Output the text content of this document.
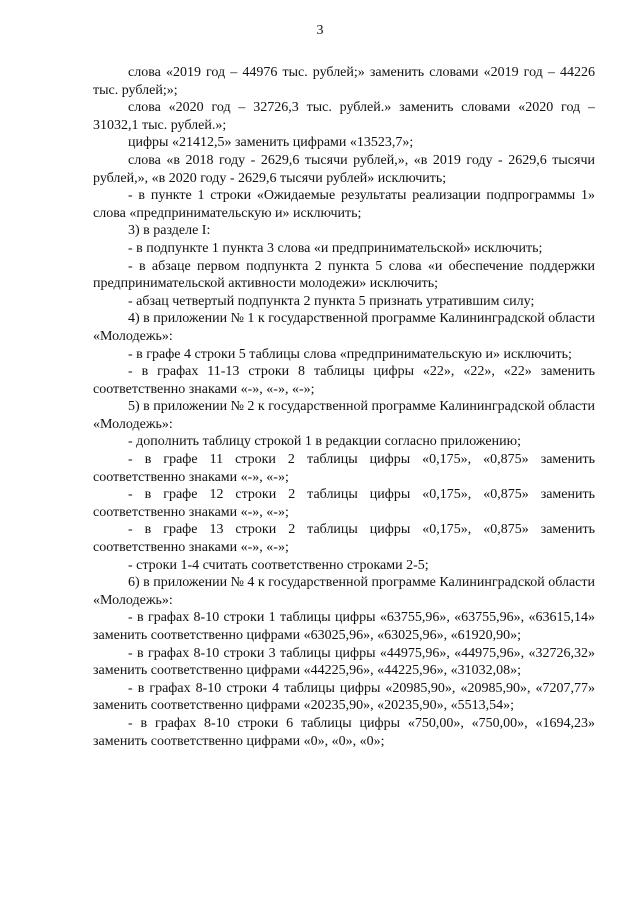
3

слова «2019 год – 44976 тыс. рублей;» заменить словами «2019 год – 44226 тыс. рублей;»;

слова «2020 год – 32726,3 тыс. рублей.» заменить словами «2020 год – 31032,1 тыс. рублей.»;

цифры «21412,5» заменить цифрами «13523,7»;

слова «в 2018 году - 2629,6 тысячи рублей,», «в 2019 году - 2629,6 тысячи рублей,», «в 2020 году - 2629,6 тысячи рублей» исключить;

- в пункте 1 строки «Ожидаемые результаты реализации подпрограммы 1» слова «предпринимательскую и» исключить;

3) в разделе I:

- в подпункте 1 пункта 3 слова «и предпринимательской» исключить;

- в абзаце первом подпункта 2 пункта 5 слова «и обеспечение поддержки предпринимательской активности молодежи» исключить;

- абзац четвертый подпункта 2 пункта 5 признать утратившим силу;

4) в приложении № 1 к государственной программе Калининградской области «Молодежь»:

- в графе 4 строки 5 таблицы слова «предпринимательскую и» исключить;

- в графах 11-13 строки 8 таблицы цифры «22», «22», «22» заменить соответственно знаками «-», «-», «-»;

5) в приложении № 2 к государственной программе Калининградской области «Молодежь»:

- дополнить таблицу строкой 1 в редакции согласно приложению;

- в графе 11 строки 2 таблицы цифры «0,175», «0,875» заменить соответственно знаками «-», «-»;

- в графе 12 строки 2 таблицы цифры «0,175», «0,875» заменить соответственно знаками «-», «-»;

- в графе 13 строки 2 таблицы цифры «0,175», «0,875» заменить соответственно знаками «-», «-»;

- строки 1-4 считать соответственно строками 2-5;

6) в приложении № 4 к государственной программе Калининградской области «Молодежь»:

- в графах 8-10 строки 1 таблицы цифры «63755,96», «63755,96», «63615,14» заменить соответственно цифрами «63025,96», «63025,96», «61920,90»;

- в графах 8-10 строки 3 таблицы цифры «44975,96», «44975,96», «32726,32» заменить соответственно цифрами «44225,96», «44225,96», «31032,08»;

- в графах 8-10 строки 4 таблицы цифры «20985,90», «20985,90», «7207,77» заменить соответственно цифрами «20235,90», «20235,90», «5513,54»;

- в графах 8-10 строки 6 таблицы цифры «750,00», «750,00», «1694,23» заменить соответственно цифрами «0», «0», «0»;
